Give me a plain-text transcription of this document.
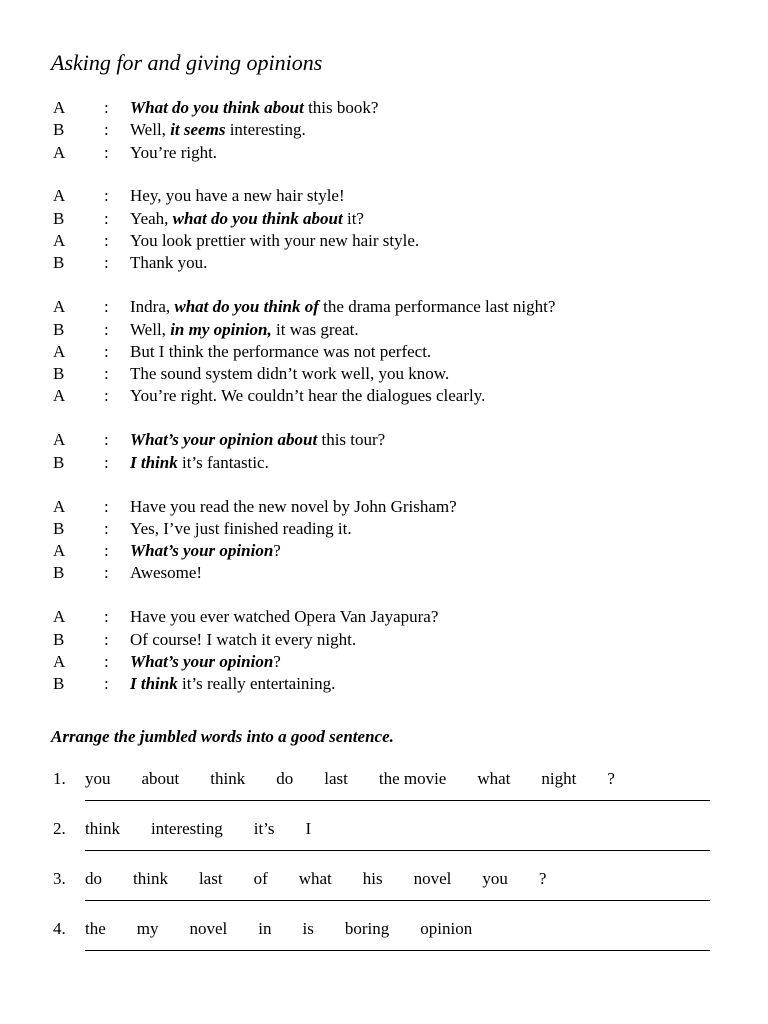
Asking for and giving opinions
A : What do you think about this book?
B : Well, it seems interesting.
A : You’re right.
A : Hey, you have a new hair style!
B : Yeah, what do you think about it?
A : You look prettier with your new hair style.
B : Thank you.
A : Indra, what do you think of the drama performance last night?
B : Well, in my opinion, it was great.
A : But I think the performance was not perfect.
B : The sound system didn’t work well, you know.
A : You’re right. We couldn’t hear the dialogues clearly.
A : What’s your opinion about this tour?
B : I think it’s fantastic.
A : Have you read the new novel by John Grisham?
B : Yes, I’ve just finished reading it.
A : What’s your opinion?
B : Awesome!
A : Have you ever watched Opera Van Jayapura?
B : Of course! I watch it every night.
A : What’s your opinion?
B : I think it’s really entertaining.
Arrange the jumbled words into a good sentence.
1. you about think do last the movie what night ?
2. think interesting it’s I
3. do think last of what his novel you ?
4. the my novel in is boring opinion
